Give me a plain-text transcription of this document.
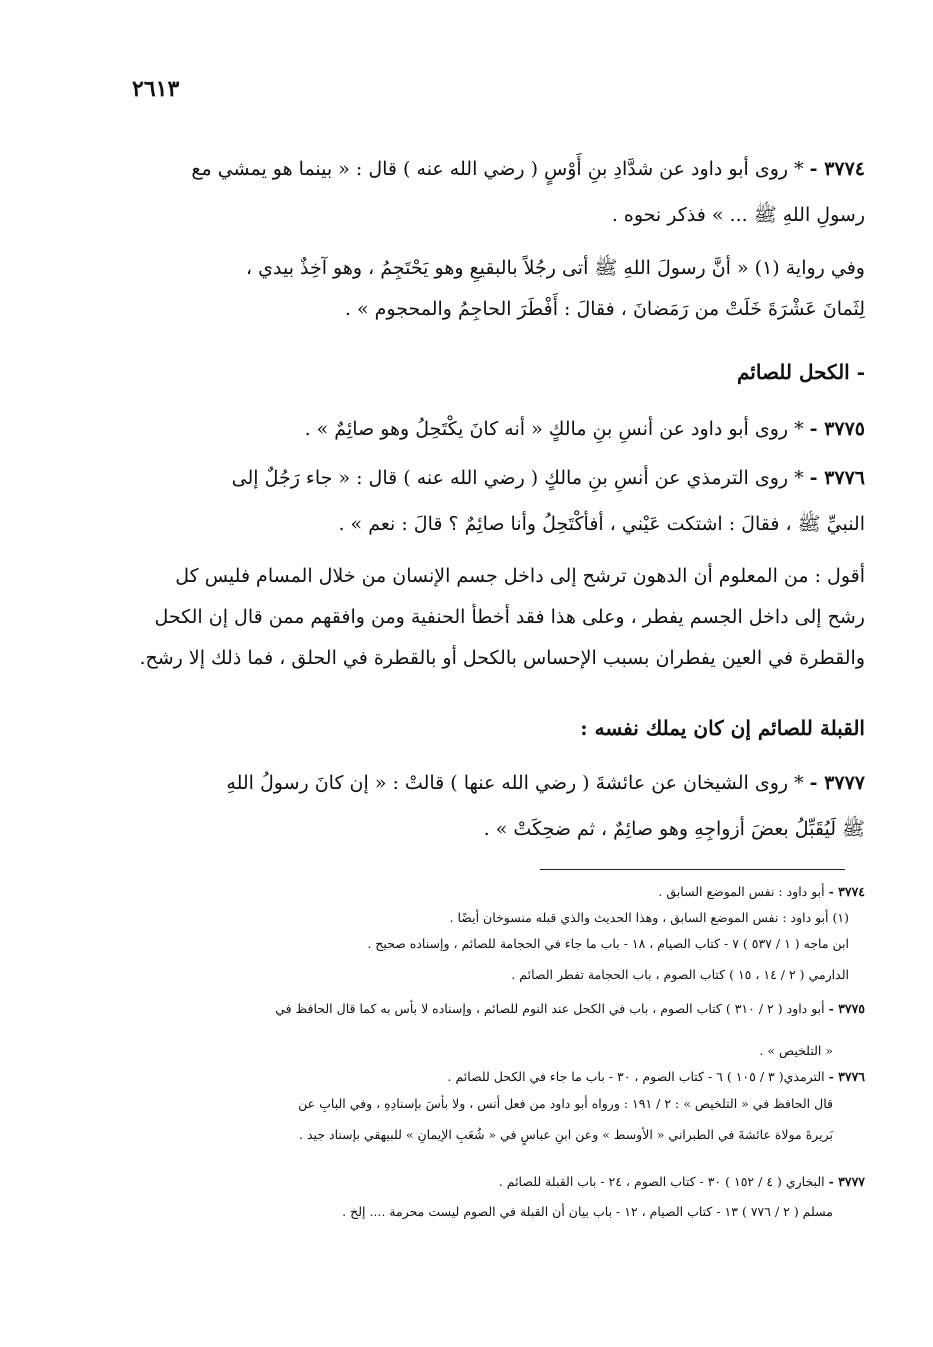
٢٦١٣
٣٧٧٤ - * روى أبو داود عن شدَّادِ بنِ أَوْسٍ ( رضي الله عنه ) قال : « بينما هو يمشي مع
رسولِ اللهِ ﷺ ... » فذكر نحوه .
وفي رواية (١) « أنَّ رسولَ اللهِ ﷺ أتى رجُلاً بالبقيعِ وهو يَحْتَجِمُ ، وهو آخِذٌ بيدي ،
لِثَمانَ عَشْرَةَ خَلَتْ من رَمَضانَ ، فقالَ : أَفْطَرَ الحاجِمُ والمحجوم » .
- الكحل للصائم
٣٧٧٥ - * روى أبو داود عن أنسِ بنِ مالكٍ « أنه كانَ يكْتَحِلُ وهو صائِمٌ » .
٣٧٧٦ - * روى الترمذي عن أنسِ بنِ مالكٍ ( رضي الله عنه ) قال : « جاء رَجُلٌ إلى
النبيِّ ﷺ ، فقالَ : اشتكت عَيْني ، أفأكْتَحِلُ وأنا صائِمٌ ؟ قالَ : نعم » .
أقول : من المعلوم أن الدهون ترشح إلى داخل جسم الإنسان من خلال المسام فليس كل
رشح إلى داخل الجسم يفطر ، وعلى هذا فقد أخطأ الحنفية ومن وافقهم ممن قال إن الكحل
والقطرة في العين يفطران بسبب الإحساس بالكحل أو بالقطرة في الحلق ، فما ذلك إلا رشح.
القبلة للصائم إن كان يملك نفسه :
٣٧٧٧ - * روى الشيخان عن عائشةَ ( رضي الله عنها ) قالتْ : « إن كانَ رسولُ اللهِ
ﷺ لَيُقَبِّلُ بعضَ أزواجِهِ وهو صائِمٌ ، ثم ضحِكَتْ » .
٣٧٧٤ - أبو داود : نفس الموضع السابق .
(١) أبو داود : نفس الموضع السابق ، وهذا الحديث والذي قبله منسوخان أيضًا .
ابن ماجه ( ١ / ٥٣٧ ) ٧ - كتاب الصيام ، ١٨ - باب ما جاء في الحجامة للصائم ، وإسناده صحيح .
الدارمي ( ٢ / ١٤ ، ١٥ ) كتاب الصوم ، باب الحجامة تفطر الصائم .
٣٧٧٥ - أبو داود ( ٢ / ٣١٠ ) كتاب الصوم ، باب في الكحل عند النوم للصائم ، وإسناده لا بأس به كما قال الحافظ في
« التلخيص » .
٣٧٧٦ - الترمذي( ٣ / ١٠٥ ) ٦ - كتاب الصوم ، ٣٠ - باب ما جاء في الكحل للصائم .
قال الحافظ في « التلخيص » : ٢ / ١٩١ : ورواه أبو داود من فعل أنس ، ولا بأسَ بإسنادِهِ ، وفي البابِ عن
بَريرةَ مولاة عائشةَ في الطبراني « الأوسط » وعن ابنِ عباسٍ في « شُعَبِ الإيمانِ » للبيهقي بإسناد جيد .
٣٧٧٧ - البخاري ( ٤ / ١٥٢ ) ٣٠ - كتاب الصوم ، ٢٤ - باب القبلة للصائم .
مسلم ( ٢ / ٧٧٦ ) ١٣ - كتاب الصيام ، ١٢ - باب بيان أن القبلة في الصوم ليست محرمة .... إلخ .
